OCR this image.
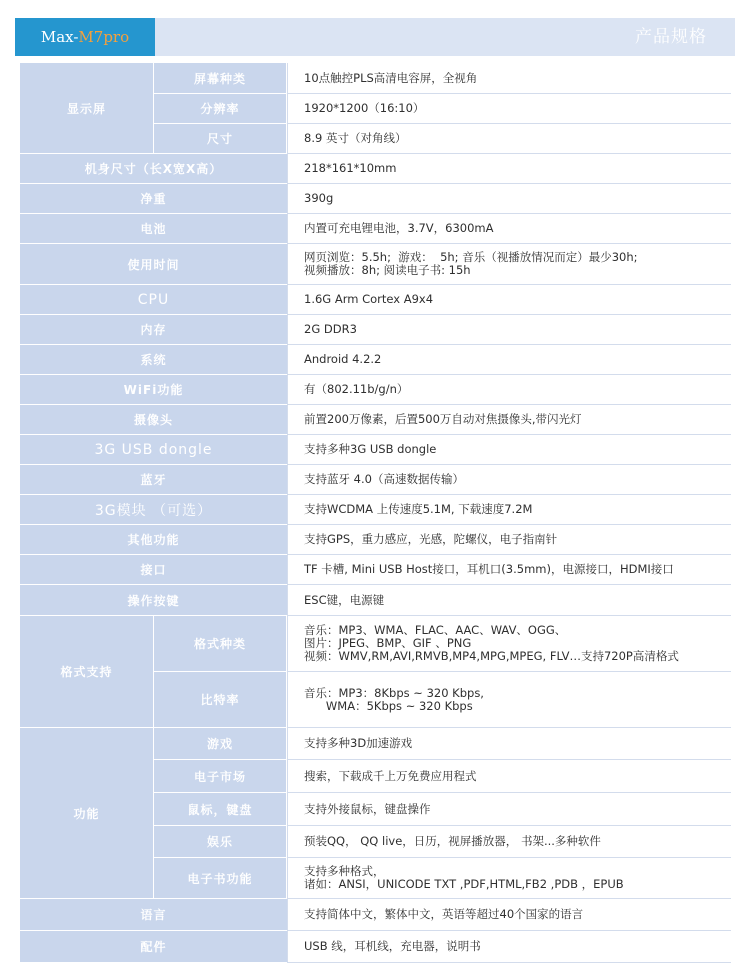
Max-M7pro	产品规格
显示屏	屏幕种类	10点触控PLS高清电容屏，全视角
	分辨率	1920*1200（16:10）
	尺寸	8.9 英寸（对角线）
机身尺寸（长X宽X高）		218*161*10mm
净重		390g
电池		内置可充电锂电池，3.7V，6300mA
使用时间		网页浏览：5.5h;  游戏：  5h; 音乐（视播放情况而定）最少30h;
视频播放：8h; 阅读电子书: 15h

CPU		1.6G Arm Cortex A9x4
内存		2G DDR3
系统		Android 4.2.2
WiFi功能		有（802.11b/g/n）
摄像头		前置200万像素，后置500万自动对焦摄像头,带闪光灯
3G USB dongle		支持多种3G USB dongle
蓝牙		支持蓝牙 4.0（高速数据传输）
3G模块 （可选）		支持WCDMA 上传速度5.1M, 下载速度7.2M
其他功能		支持GPS，重力感应，光感，陀螺仪，电子指南针
接口		TF 卡槽, Mini USB Host接口，耳机口(3.5mm)，电源接口，HDMI接口
操作按键		ESC键，电源键
格式支持	格式种类	音乐：MP3、WMA、FLAC、AAC、WAV、OGG、
图片：JPEG、BMP、GIF 、PNG
视频：WMV,RM,AVI,RMVB,MP4,MPG,MPEG, FLV…支持720P高清格式

	比特率	音乐：MP3：8Kbps ~ 320 Kbps,
WMA：5Kbps ~ 320 Kbps

功能	游戏	支持多种3D加速游戏
	电子市场	搜索，下载成千上万免费应用程式
	鼠标，键盘	支持外接鼠标，键盘操作
	娱乐	预装QQ， QQ live，日历，视屏播放器， 书架...多种软件
	电子书功能	支持多种格式，
诸如：ANSI，UNICODE TXT ,PDF,HTML,FB2 ,PDB ，EPUB

语言		支持简体中文，繁体中文，英语等超过40个国家的语言
配件		USB 线，耳机线，充电器，说明书
